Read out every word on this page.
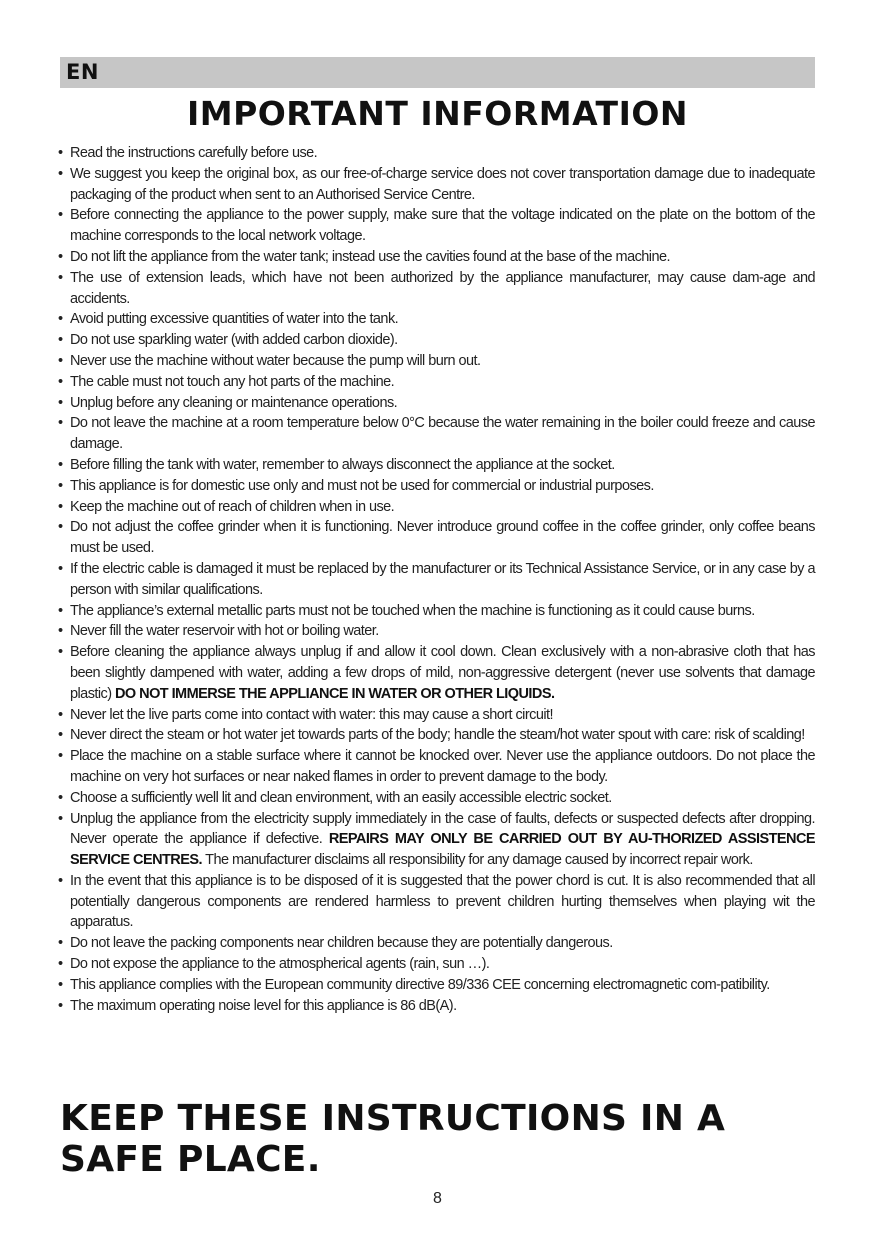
EN
IMPORTANT INFORMATION
• Read the instructions carefully before use.
• We suggest you keep the original box, as our free-of-charge service does not cover transportation damage due to inadequate packaging of the product when sent to an Authorised Service Centre.
• Before connecting the appliance to the power supply, make sure that the voltage indicated on the plate on the bottom of the machine corresponds to the local network voltage.
• Do not lift the appliance from the water tank; instead use the cavities found at the base of the machine.
• The use of extension leads, which have not been authorized by the appliance manufacturer, may cause dam-age and accidents.
• Avoid putting excessive quantities of water into the tank.
• Do not use sparkling water (with added carbon dioxide).
• Never use the machine without water because the pump will burn out.
• The cable must not touch any hot parts of the machine.
• Unplug before any cleaning or maintenance operations.
• Do not leave the machine at a room temperature below 0°C because the water remaining in the boiler could freeze and cause damage.
• Before filling the tank with water, remember to always disconnect the appliance at the socket.
• This appliance is for domestic use only and must not be used for commercial or industrial purposes.
• Keep the machine out of reach of children when in use.
• Do not adjust the coffee grinder when it is functioning. Never introduce ground coffee in the coffee grinder, only coffee beans must be used.
• If the electric cable is damaged it must be replaced by the manufacturer or its Technical Assistance Service, or in any case by a person with similar qualifications.
• The appliance’s external metallic parts must not be touched when the machine is functioning as it could cause burns.
• Never fill the water reservoir with hot or boiling water.
• Before cleaning the appliance always unplug if and allow it cool down. Clean exclusively with a non-abrasive cloth that has been slightly dampened with water, adding a few drops of mild, non-aggressive detergent (never use solvents that damage plastic) DO NOT IMMERSE THE APPLIANCE IN WATER OR OTHER LIQUIDS.
• Never let the live parts come into contact with water: this may cause a short circuit!
• Never direct the steam or hot water jet towards parts of the body; handle the steam/hot water spout with care: risk of scalding!
• Place the machine on a stable surface where it cannot be knocked over. Never use the appliance outdoors. Do not place the machine on very hot surfaces or near naked flames in order to prevent damage to the body.
• Choose a sufficiently well lit and clean environment, with an easily accessible electric socket.
• Unplug the appliance from the electricity supply immediately in the case of faults, defects or suspected defects after dropping. Never operate the appliance if defective. REPAIRS MAY ONLY BE CARRIED OUT BY AU-THORIZED ASSISTENCE SERVICE CENTRES. The manufacturer disclaims all responsibility for any damage caused by incorrect repair work.
• In the event that this appliance is to be disposed of it is suggested that the power chord is cut. It is also recommended that all potentially dangerous components are rendered harmless to prevent children hurting themselves when playing wit the apparatus.
• Do not leave the packing components near children because they are potentially dangerous.
• Do not expose the appliance to the atmospherical agents (rain, sun …).
• This appliance complies with the European community directive 89/336 CEE concerning electromagnetic com-patibility.
• The maximum operating noise level for this appliance is 86 dB(A).
KEEP THESE INSTRUCTIONS IN A SAFE PLACE.
8
